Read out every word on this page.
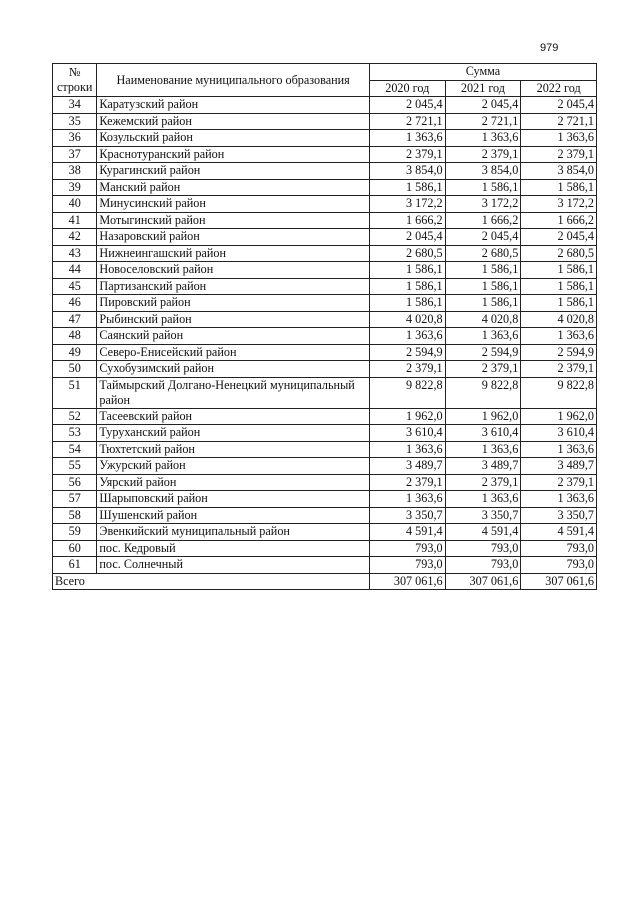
979
№
строки	Наименование муниципального образования	Сумма		
		2020 год	2021 год	2022 год
34	Каратузский район	2 045,4	2 045,4	2 045,4
35	Кежемский район	2 721,1	2 721,1	2 721,1
36	Козульский район	1 363,6	1 363,6	1 363,6
37	Краснотуранский район	2 379,1	2 379,1	2 379,1
38	Курагинский район	3 854,0	3 854,0	3 854,0
39	Манский район	1 586,1	1 586,1	1 586,1
40	Минусинский район	3 172,2	3 172,2	3 172,2
41	Мотыгинский район	1 666,2	1 666,2	1 666,2
42	Назаровский район	2 045,4	2 045,4	2 045,4
43	Нижнеингашский район	2 680,5	2 680,5	2 680,5
44	Новоселовский район	1 586,1	1 586,1	1 586,1
45	Партизанский район	1 586,1	1 586,1	1 586,1
46	Пировский район	1 586,1	1 586,1	1 586,1
47	Рыбинский район	4 020,8	4 020,8	4 020,8
48	Саянский район	1 363,6	1 363,6	1 363,6
49	Северо-Енисейский район	2 594,9	2 594,9	2 594,9
50	Сухобузимский район	2 379,1	2 379,1	2 379,1
51	Таймырский Долгано-Ненецкий муниципальный район	9 822,8	9 822,8	9 822,8
52	Тасеевский район	1 962,0	1 962,0	1 962,0
53	Туруханский район	3 610,4	3 610,4	3 610,4
54	Тюхтетский район	1 363,6	1 363,6	1 363,6
55	Ужурский район	3 489,7	3 489,7	3 489,7
56	Уярский район	2 379,1	2 379,1	2 379,1
57	Шарыповский район	1 363,6	1 363,6	1 363,6
58	Шушенский район	3 350,7	3 350,7	3 350,7
59	Эвенкийский муниципальный район	4 591,4	4 591,4	4 591,4
60	пос. Кедровый	793,0	793,0	793,0
61	пос. Солнечный	793,0	793,0	793,0
Всего		307 061,6	307 061,6	307 061,6
